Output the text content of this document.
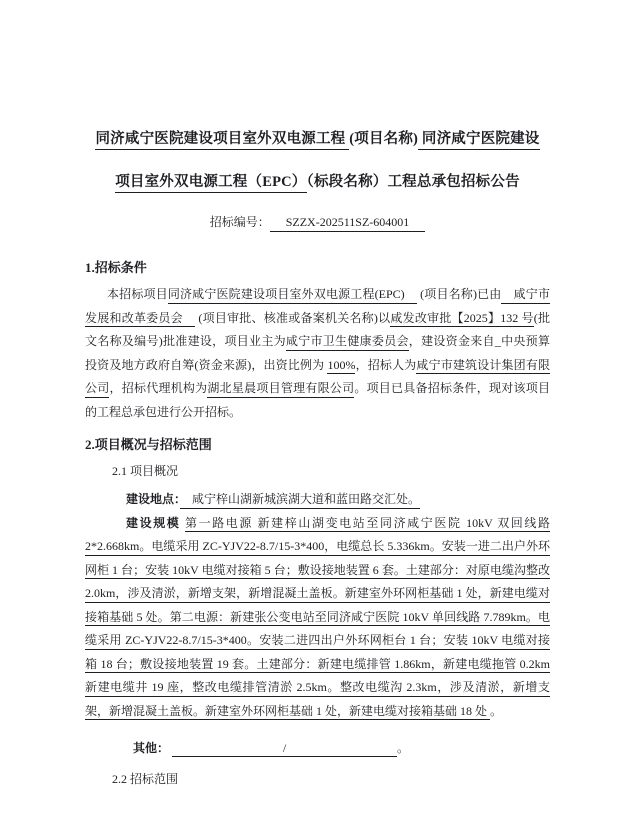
同济咸宁医院建设项目室外双电源工程 (项目名称) 同济咸宁医院建设
项目室外双电源工程（EPC）（标段名称）工程总承包招标公告
招标编号： SZZX-202511SZ-604001
1.招标条件

本招标项目同济咸宁医院建设项目室外双电源工程(EPC)　 (项目名称)已由　咸宁市发展和改革委员会　 (项目审批、核准或备案机关名称)以咸发改审批【2025】132 号(批文名称及编号)批准建设，项目业主为咸宁市卫生健康委员会，建设资金来自_中央预算投资及地方政府自筹(资金来源)，出资比例为 100%，招标人为咸宁市建筑设计集团有限公司，招标代理机构为湖北星晨项目管理有限公司。项目已具备招标条件，现对该项目的工程总承包进行公开招标。

2.项目概况与招标范围
2.1 项目概况

建设地点：　咸宁梓山湖新城滨湖大道和蓝田路交汇处。

建设规模 第一路电源 新建梓山湖变电站至同济咸宁医院 10kV 双回线路 2*2.668km。电缆采用 ZC-YJV22-8.7/15-3*400，电缆总长 5.336km。安装一进二出户外环网柜 1 台；安装 10kV 电缆对接箱 5 台；敷设接地装置 6 套。土建部分：对原电缆沟整改 2.0km，涉及清淤，新增支架，新增混凝土盖板。新建室外环网柜基础 1 处，新建电缆对接箱基础 5 处。第二电源：新建张公变电站至同济咸宁医院 10kV 单回线路 7.789km。电缆采用 ZC-YJV22-8.7/15-3*400。安装二进四出户外环网柜台 1 台；安装 10kV 电缆对接箱 18 台；敷设接地装置 19 套。土建部分：新建电缆排管 1.86km，新建电缆拖管 0.2km 新建电缆井 19 座，整改电缆排管清淤 2.5km。整改电缆沟 2.3km，涉及清淤，新增支架，新增混凝土盖板。新建室外环网柜基础 1 处，新建电缆对接箱基础 18 处 。

其他：	/	。

2.2 招标范围
